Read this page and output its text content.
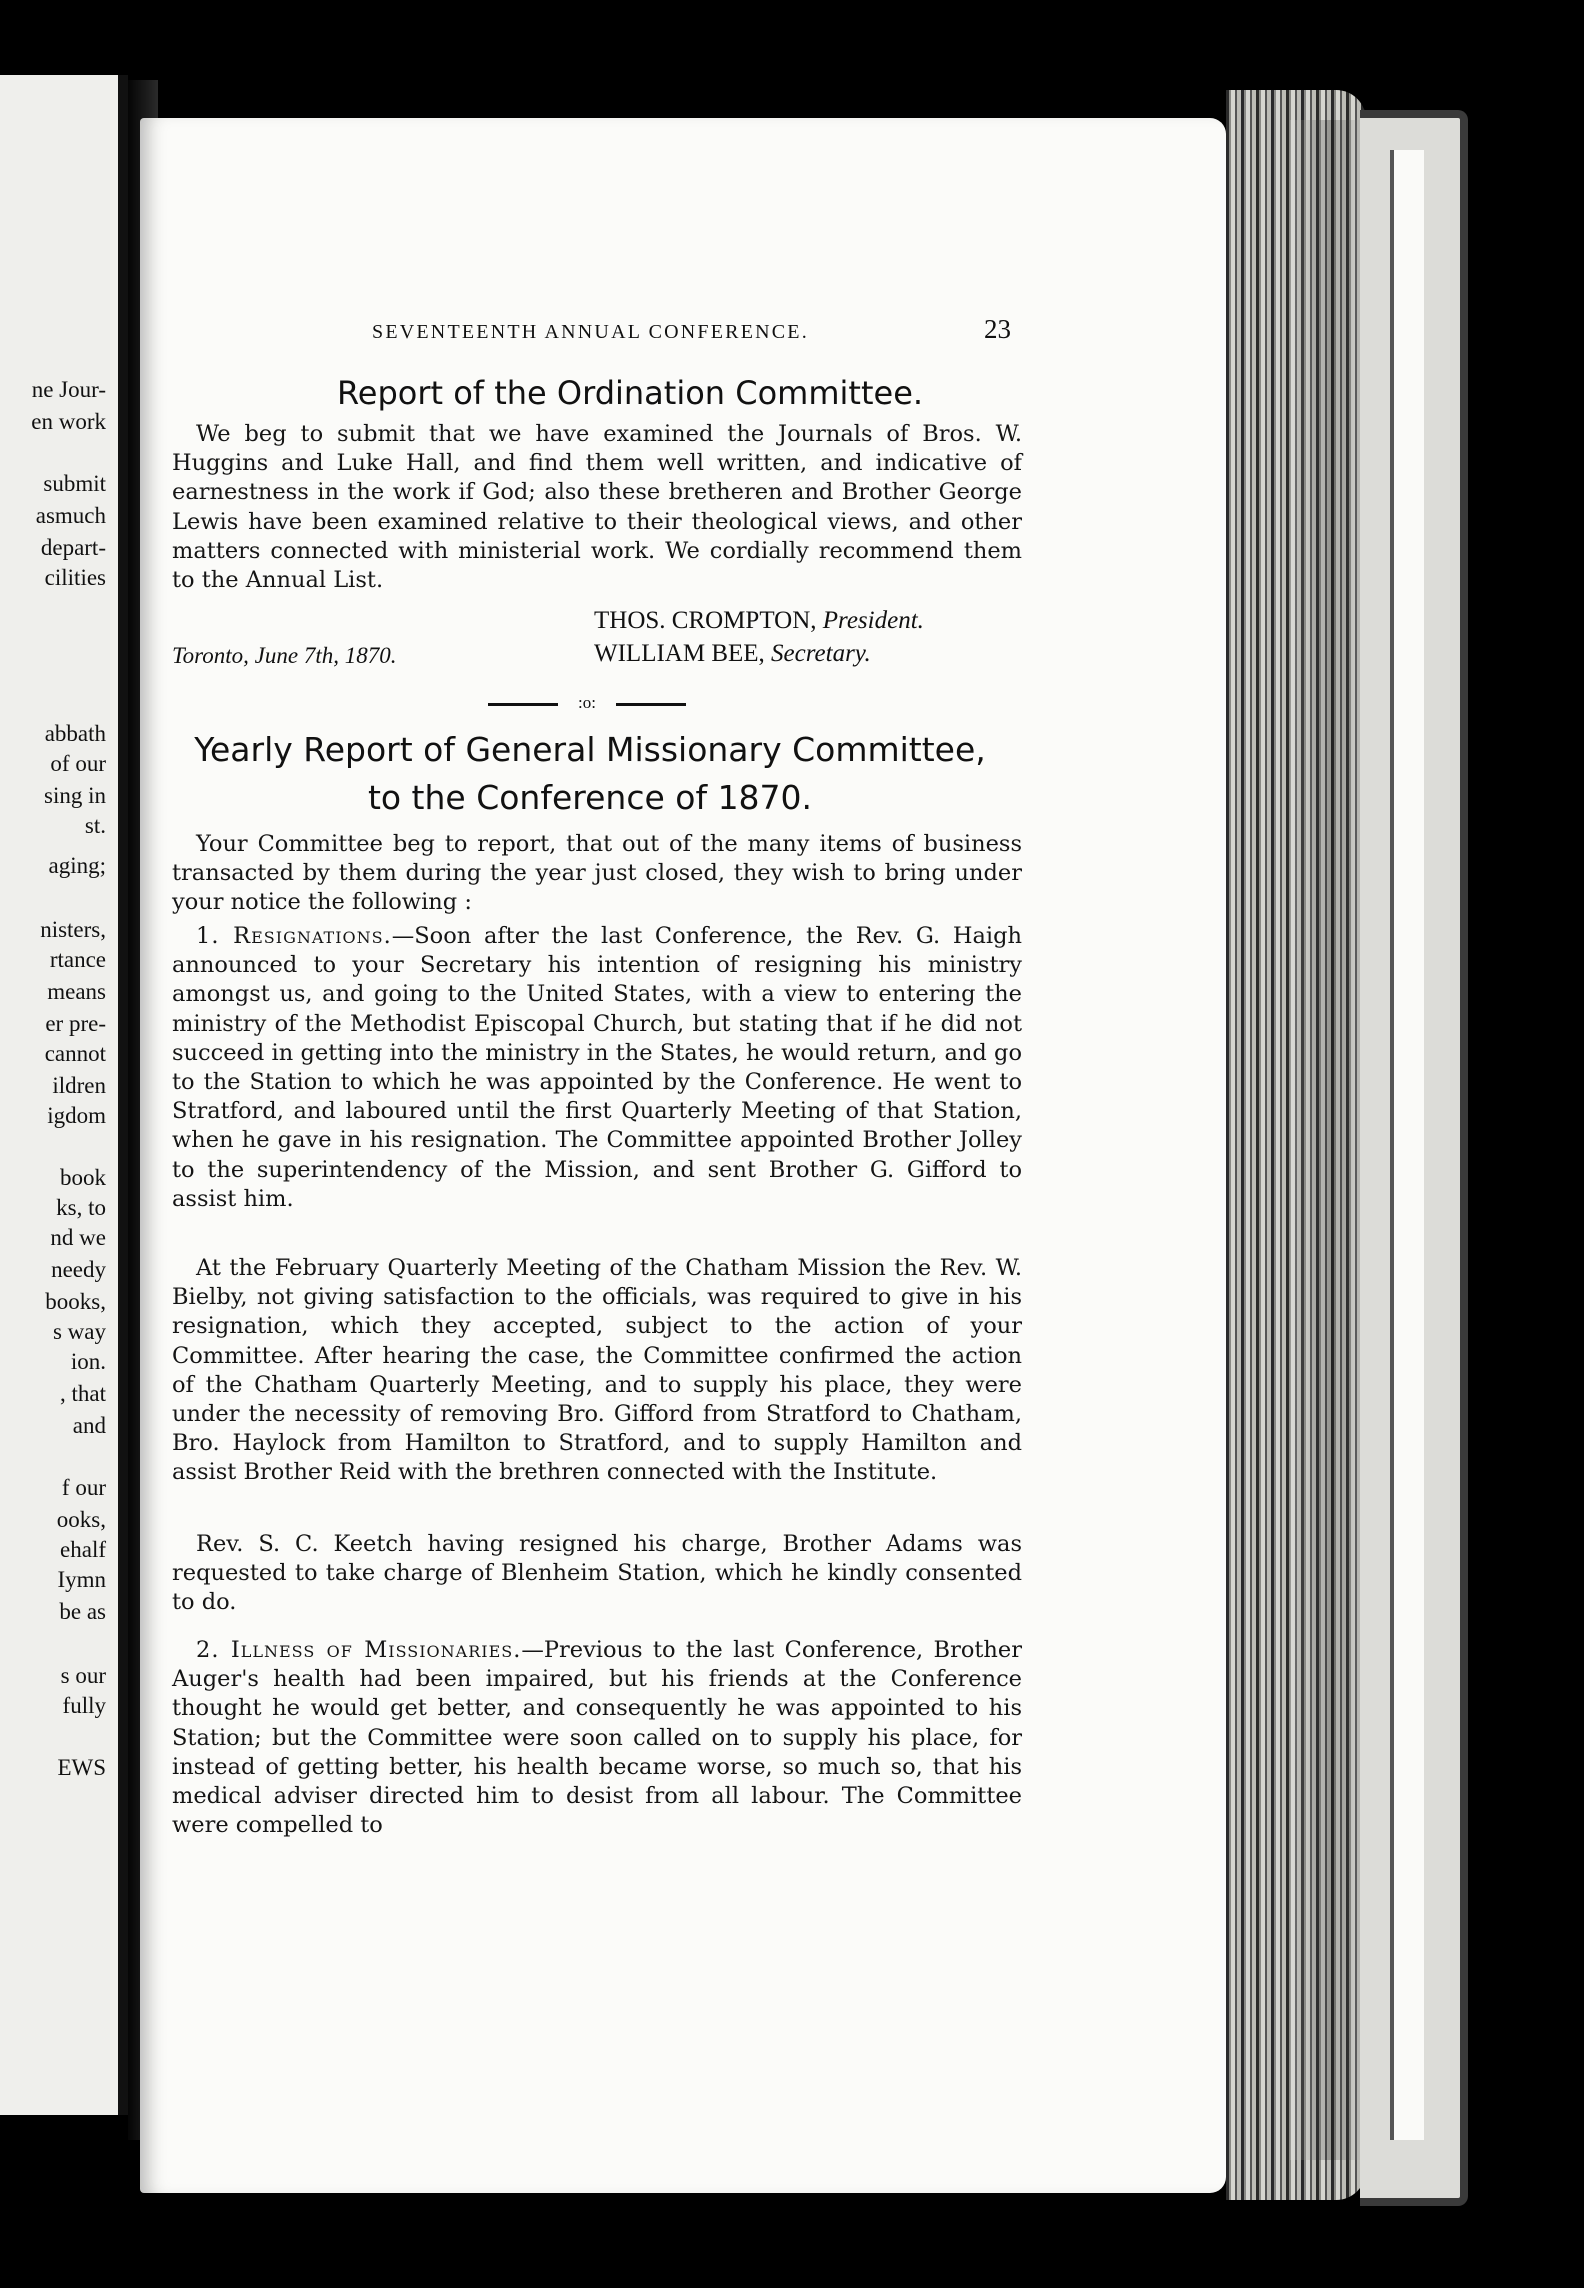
ne Jour-
en work
submit
asmuch
depart-
cilities
abbath
of our
sing in
st.
aging;
nisters,
rtance
means
er pre-
cannot
ildren
igdom
book
ks, to
nd we
needy
books,
s way
ion.
, that
and
f our
ooks,
ehalf
Iymn
be as
s our
fully
EWS
SEVENTEENTH ANNUAL CONFERENCE.	23
Report of the Ordination Committee.

We beg to submit that we have examined the Journals of Bros. W. Huggins and Luke Hall, and find them well written, and indicative of earnestness in the work if God; also these bretheren and Brother George Lewis have been examined relative to their theological views, and other matters connected with ministerial work. We cordially recommend them to the Annual List.

THOS. CROMPTON, President.
Toronto, June 7th, 1870.	WILLIAM BEE, Secretary.
:o:
Yearly Report of General Missionary Committee,
to the Conference of 1870.

Your Committee beg to report, that out of the many items of business transacted by them during the year just closed, they wish to bring under your notice the following :

1. Resignations.—Soon after the last Conference, the Rev. G. Haigh announced to your Secretary his intention of resigning his ministry amongst us, and going to the United States, with a view to entering the ministry of the Methodist Episcopal Church, but stating that if he did not succeed in getting into the ministry in the States, he would return, and go to the Station to which he was appointed by the Conference. He went to Stratford, and laboured until the first Quarterly Meeting of that Station, when he gave in his resignation. The Committee appointed Brother Jolley to the superintendency of the Mission, and sent Brother G. Gifford to assist him.

At the February Quarterly Meeting of the Chatham Mission the Rev. W. Bielby, not giving satisfaction to the officials, was required to give in his resignation, which they accepted, subject to the action of your Committee. After hearing the case, the Committee confirmed the action of the Chatham Quarterly Meeting, and to supply his place, they were under the necessity of removing Bro. Gifford from Stratford to Chatham, Bro. Haylock from Hamilton to Stratford, and to supply Hamilton and assist Brother Reid with the brethren connected with the Institute.

Rev. S. C. Keetch having resigned his charge, Brother Adams was requested to take charge of Blenheim Station, which he kindly consented to do.

2. Illness of Missionaries.—Previous to the last Conference, Brother Auger's health had been impaired, but his friends at the Conference thought he would get better, and consequently he was appointed to his Station; but the Committee were soon called on to supply his place, for instead of getting better, his health became worse, so much so, that his medical adviser directed him to desist from all labour. The Committee were compelled to
